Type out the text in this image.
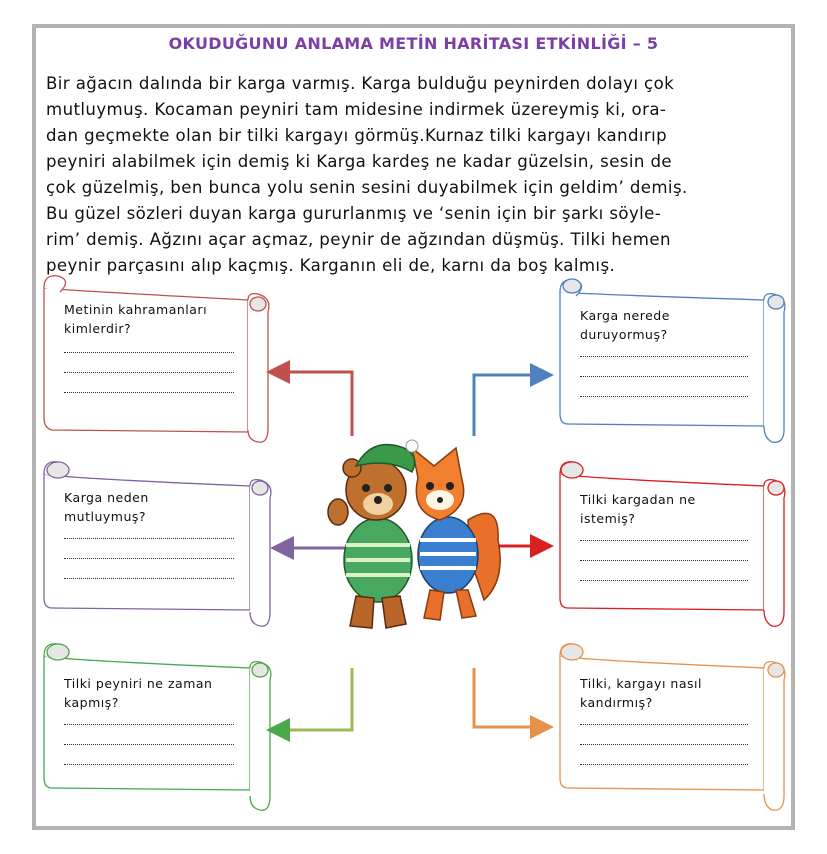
OKUDUĞUNU ANLAMA METİN HARİTASI ETKİNLİĞİ – 5
Bir ağacın dalında bir karga varmış. Karga bulduğu peynirden dolayı çok
mutluymuş. Kocaman peyniri tam midesine indirmek üzereymiş ki, ora-
dan geçmekte olan bir tilki kargayı görmüş.Kurnaz tilki kargayı kandırıp
peyniri alabilmek için demiş ki Karga kardeş ne kadar güzelsin, sesin de
çok güzelmiş, ben bunca yolu senin sesini duyabilmek için geldim’ demiş.
Bu güzel sözleri duyan karga gururlanmış ve ‘senin için bir şarkı söyle-
rim’ demiş. Ağzını açar açmaz, peynir de ağzından düşmüş. Tilki hemen
peynir parçasını alıp kaçmış. Karganın eli de, karnı da boş kalmış.
Metinin kahramanları
kimlerdir?
Karga nerede
duruyormuş?
Karga neden
mutluymuş?
Tilki kargadan ne
istemiş?
Tilki peyniri ne zaman
kapmış?
Tilki, kargayı nasıl
kandırmış?
